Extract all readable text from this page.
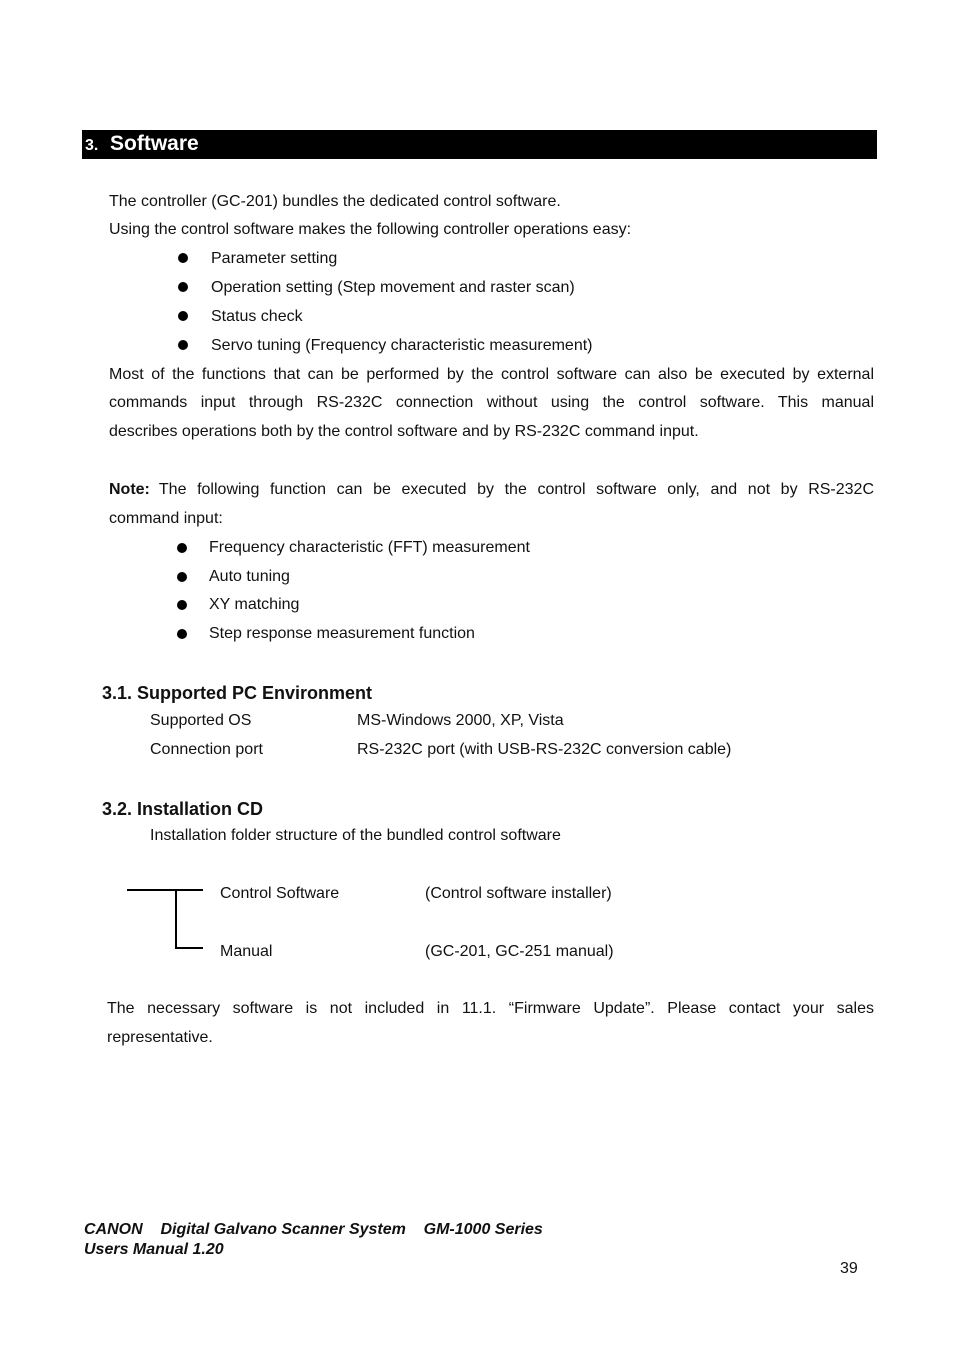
3. Software
The controller (GC-201) bundles the dedicated control software.
Using the control software makes the following controller operations easy:
Parameter setting
Operation setting (Step movement and raster scan)
Status check
Servo tuning (Frequency characteristic measurement)
Most of the functions that can be performed by the control software can also be executed by external
commands input through RS-232C connection without using the control software. This manual
describes operations both by the control software and by RS-232C command input.
Note: The following function can be executed by the control software only, and not by RS-232C
command input:
Frequency characteristic (FFT) measurement
Auto tuning
XY matching
Step response measurement function
3.1. Supported PC Environment
Supported OS	MS-Windows 2000, XP, Vista
Connection port	RS-232C port (with USB-RS-232C conversion cable)
3.2. Installation CD
Installation folder structure of the bundled control software
Control Software	(Control software installer)
Manual	(GC-201, GC-251 manual)
The necessary software is not included in 11.1. “Firmware Update”. Please contact your sales
representative.
CANON    Digital Galvano Scanner System    GM-1000 Series
Users Manual 1.20
39
